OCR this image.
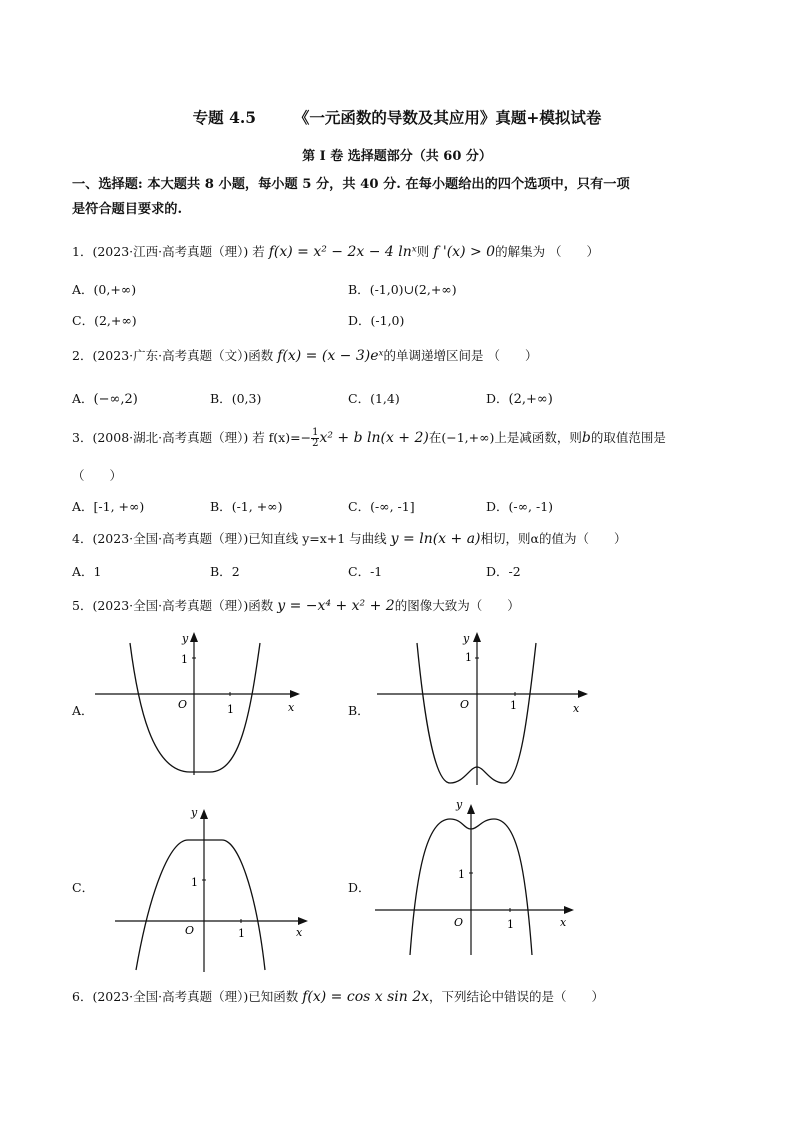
专题 4.5 《一元函数的导数及其应用》真题+模拟试卷
第 I 卷 选择题部分（共 60 分）
一、选择题: 本大题共 8 小题，每小题 5 分，共 40 分. 在每小题给出的四个选项中，只有一项
是符合题目要求的.
1．(2023·江西·高考真题（理）) 若 f(x) = x² − 2x − 4 lnˣ则 f '(x) > 0的解集为 （　　）
A．(0,+∞)	B．(-1,0)∪(2,+∞)
C．(2,+∞)	D．(-1,0)
2．(2023·广东·高考真题（文）)函数 f(x) = (x − 3)eˣ的单调递增区间是 （　　）
A．(−∞,2)	B．(0,3)	C．(1,4)	D．(2,+∞)
3．(2008·湖北·高考真题（理）) 若 $f(x)=- \frac{1}{2} x^2 + b$ ln(x + 2)在(−1,+∞)上是减函数，则b的取值范围是
（　　）
A．[-1, +∞)	B．(-1, +∞)	C．(-∞, -1]	D．(-∞, -1)
4．(2023·全国·高考真题（理）)已知直线 y=x+1 与曲线 y = ln(x + a)相切，则α的值为（　　）
A．1	B．2	C．-1	D．-2
5．(2023·全国·高考真题（理）)函数 y = −x⁴ + x² + 2的图像大致为（　　）
A．
y
x
O	1
1
B．
y
x
O	1
1
C．
y
x
O	1
1	D．
y
x
O	1
1
6．(2023·全国·高考真题（理）)已知函数 f(x) = cos x sin 2x，下列结论中错误的是（　　）
